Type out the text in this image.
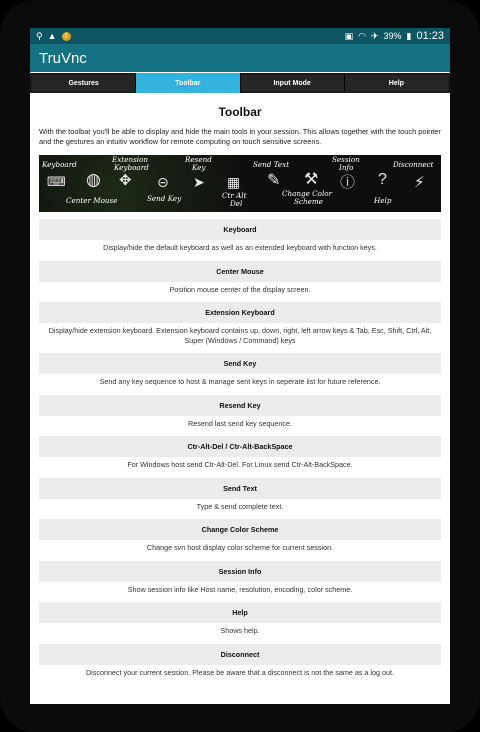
⚲ ▲	!	▣ ◠ ✈ 39% ▮ 01:23
TruVnc
Gestures	Toolbar	Input Mode	Help
Toolbar
With the toolbar you'll be able to display and hide the main tools in your session. This allows together with the touch pointer and the gestures an intuitiv workflow for remote computing on touch sensitive screens.
Keyboard
⌨ ◍
Center Mouse
Extension
Keyboard
✥ ⊝
Send Key
Resend
Key
➤ ▦
Ctr Alt
Del
Send Text
✎ ⚒
Change Color
Scheme
Session
Info
ⓘ ?
Help
Disconnect
⚡
Keyboard
Display/hide the default keyboard as well as an extended keyboard with function keys.
Center Mouse
Position mouse center of the display screen.
Extension Keyboard
Display/hide extension keyboard. Extension keyboard contains up, down, right, left arrow keys & Tab, Esc, Shift, Ctrl, Alt, Super (Windows / Command) keys
Send Key
Send any key sequence to host & manage sent keys in seperate list for future reference.
Resend Key
Resend last send key sequence.
Ctr-Alt-Del / Ctr-Alt-BackSpace
For Windows host send Ctr-Alt-Del. For Linux send Ctr-Alt-BackSpace.
Send Text
Type & send complete text.
Change Color Scheme
Change svn host display color scheme for current session.
Session Info
Show session info like Host name, resolution, encoding, color scheme.
Help
Shows help.
Disconnect
Disconnect your current session. Please be aware that a disconnect is not the same as a log out.
